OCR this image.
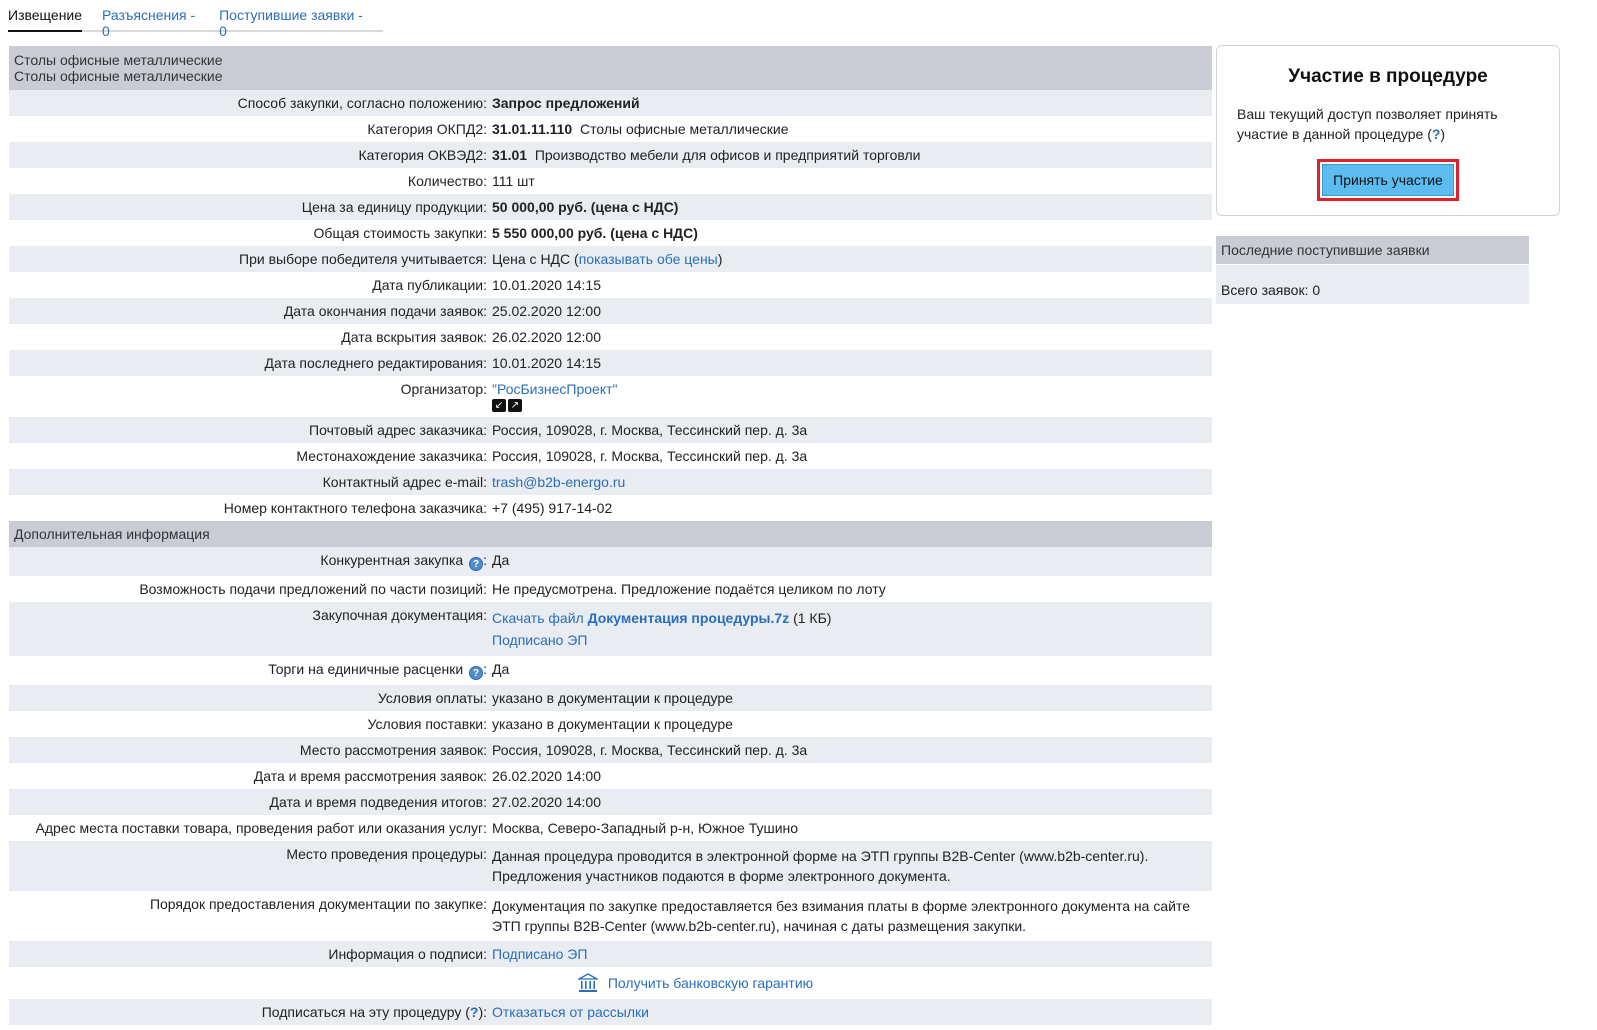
Извещение Разъяснения - 0
Поступившие заявки - 0
Столы офисные металлические
Столы офисные металлические	

Способ закупки, согласно положению:	Запрос предложений
Категория ОКПД2:	31.01.11.110 Столы офисные металлические
Категория ОКВЭД2:	31.01 Производство мебели для офисов и предприятий торговли
Количество:	111 шт
Цена за единицу продукции:	50 000,00 руб. (цена с НДС)
Общая стоимость закупки:	5 550 000,00 руб. (цена с НДС)
При выборе победителя учитывается:	Цена с НДС (показывать обе цены)
Дата публикации:	10.01.2020 14:15
Дата окончания подачи заявок:	25.02.2020 12:00
Дата вскрытия заявок:	26.02.2020 12:00
Дата последнего редактирования:	10.01.2020 14:15
Организатор:	"РосБизнесПроект"
↙ ↗

Почтовый адрес заказчика:	Россия, 109028, г. Москва, Тессинский пер. д. 3а
Местонахождение заказчика:	Россия, 109028, г. Москва, Тессинский пер. д. 3а
Контактный адрес e-mail:	trash@b2b-energo.ru
Номер контактного телефона заказчика:	+7 (495) 917-14-02
Дополнительная информация	
Конкурентная закупка ? :	Да
Возможность подачи предложений по части позиций:	Не предусмотрена. Предложение подаётся целиком по лоту
Закупочная документация:	Скачать файл Документация процедуры.7z (1 КБ)
Подписано ЭП
Торги на единичные расценки ? :	Да
Условия оплаты:	указано в документации к процедуре
Условия поставки:	указано в документации к процедуре
Место рассмотрения заявок:	Россия, 109028, г. Москва, Тессинский пер. д. 3а
Дата и время рассмотрения заявок:	26.02.2020 14:00
Дата и время подведения итогов:	27.02.2020 14:00
Адрес места поставки товара, проведения работ или оказания услуг:	Москва, Северо-Западный р-н, Южное Тушино
Место проведения процедуры:	Данная процедура проводится в электронной форме на ЭТП группы B2B-Center (www.b2b-center.ru).
Предложения участников подаются в форме электронного документа.

Порядок предоставления документации по закупке:	Документация по закупке предоставляется без взимания платы в форме электронного документа на сайте
ЭТП группы B2B-Center (www.b2b-center.ru), начиная с даты размещения закупки.

Информация о подписи:	Подписано ЭП

Получить банковскую гарантию	

Подписаться на эту процедуру (?):	Отказаться от рассылки
Участие в процедуре

Ваш текущий доступ позволяет принять участие в данной процедуре (?)

Принять участие
Последние поступившие заявки
Всего заявок: 0
